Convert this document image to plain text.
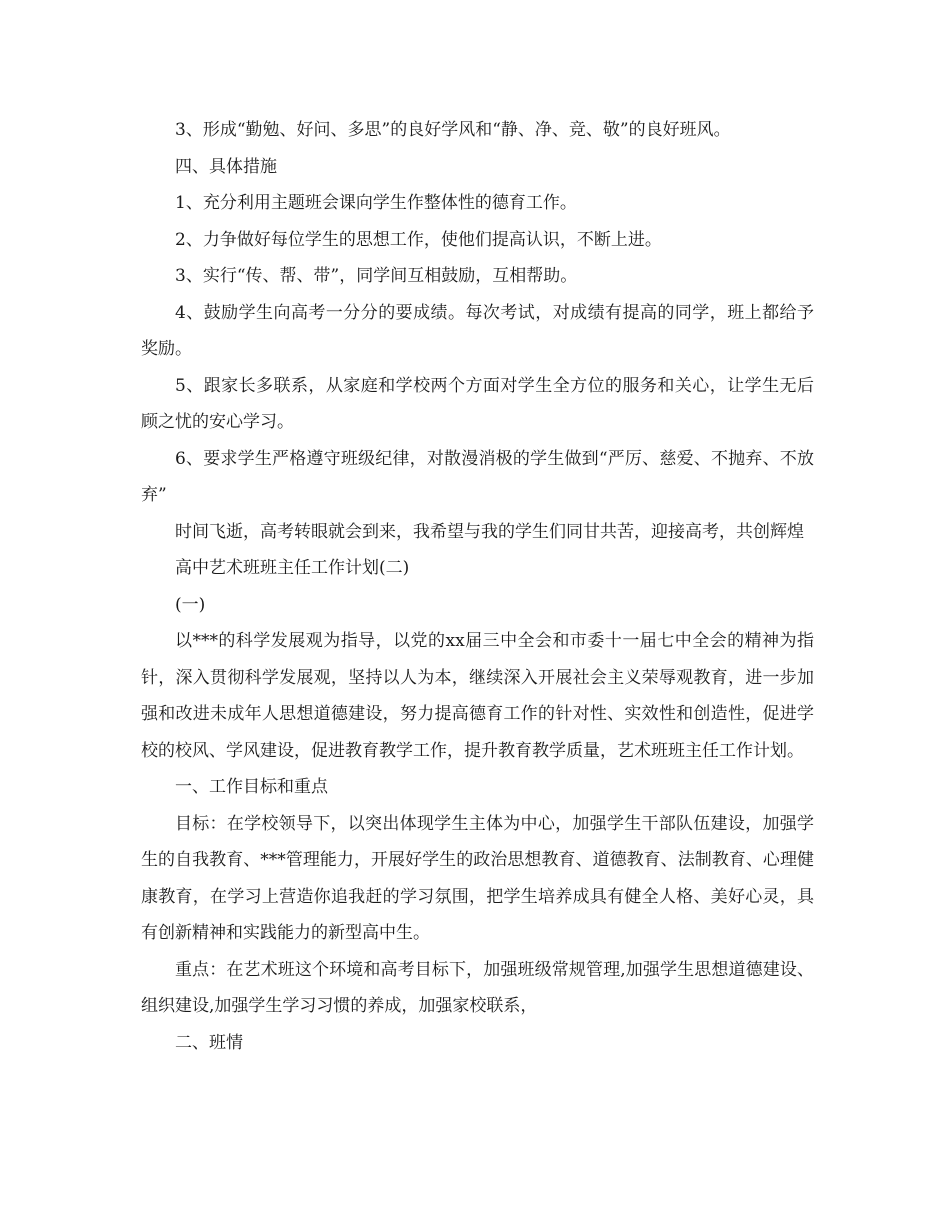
3、形成“勤勉、好问、多思”的良好学风和“静、净、竞、敬”的良好班风。

四、具体措施

1、充分利用主题班会课向学生作整体性的德育工作。

2、力争做好每位学生的思想工作，使他们提高认识，不断上进。

3、实行“传、帮、带”，同学间互相鼓励，互相帮助。

4、鼓励学生向高考一分分的要成绩。每次考试，对成绩有提高的同学，班上都给予奖励。

5、跟家长多联系，从家庭和学校两个方面对学生全方位的服务和关心，让学生无后顾之忧的安心学习。

6、要求学生严格遵守班级纪律，对散漫消极的学生做到“严厉、慈爱、不抛弃、不放弃”

时间飞逝，高考转眼就会到来，我希望与我的学生们同甘共苦，迎接高考，共创辉煌

高中艺术班班主任工作计划(二)

(一)

以***的科学发展观为指导，以党的xx届三中全会和市委十一届七中全会的精神为指针，深入贯彻科学发展观，坚持以人为本，继续深入开展社会主义荣辱观教育，进一步加强和改进未成年人思想道德建设，努力提高德育工作的针对性、实效性和创造性，促进学校的校风、学风建设，促进教育教学工作，提升教育教学质量，艺术班班主任工作计划。

一、工作目标和重点

目标：在学校领导下，以突出体现学生主体为中心，加强学生干部队伍建设，加强学生的自我教育、***管理能力，开展好学生的政治思想教育、道德教育、法制教育、心理健康教育，在学习上营造你追我赶的学习氛围，把学生培养成具有健全人格、美好心灵，具有创新精神和实践能力的新型高中生。

重点：在艺术班这个环境和高考目标下，加强班级常规管理,加强学生思想道德建设、组织建设,加强学生学习习惯的养成，加强家校联系，

二、班情
